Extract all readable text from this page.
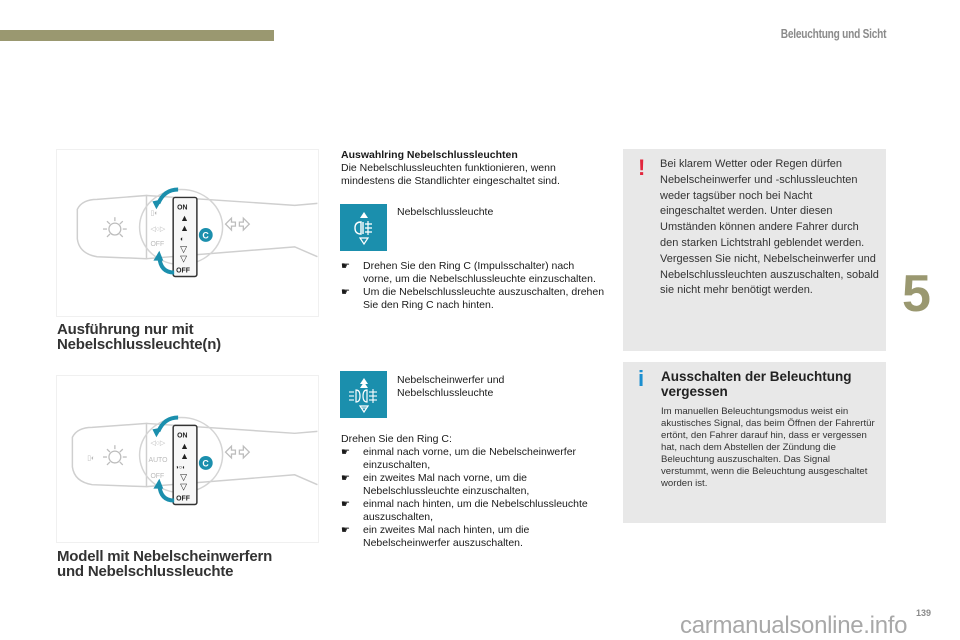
Beleuchtung und Sicht
5
▯◐
◁○▷
OFF
ON
▲
▲
◐
▽
▽
OFF
C
Ausführung nur mit
Nebelschlussleuchte(n)
▯◐
◁○▷
AUTO
OFF
ON
▲
▲
◑○◐
▽
▽
OFF
C
Modell mit Nebelscheinwerfern
und Nebelschlussleuchte
Auswahlring Nebelschlussleuchten
Die Nebelschlussleuchten funktionieren, wenn mindestens die Standlichter eingeschaltet sind.
Nebelschlussleuchte
☛ Drehen Sie den Ring C (Impulsschalter) nach vorne, um die Nebelschlussleuchte einzuschalten.
☛ Um die Nebelschlussleuchte auszuschalten, drehen Sie den Ring C nach hinten.
Nebelscheinwerfer und
Nebelschlussleuchte
Drehen Sie den Ring C:
☛ einmal nach vorne, um die Nebelscheinwerfer einzuschalten,
☛ ein zweites Mal nach vorne, um die Nebelschlussleuchte einzuschalten,
☛ einmal nach hinten, um die Nebelschlussleuchte auszuschalten,
☛ ein zweites Mal nach hinten, um die Nebelscheinwerfer auszuschalten.
! Bei klarem Wetter oder Regen dürfen Nebelscheinwerfer und -schlussleuchten weder tagsüber noch bei Nacht eingeschaltet werden. Unter diesen Umständen können andere Fahrer durch den starken Lichtstrahl geblendet werden. Vergessen Sie nicht, Nebelscheinwerfer und Nebelschlussleuchten auszuschalten, sobald sie nicht mehr benötigt werden.
i Ausschalten der Beleuchtung vergessen
Im manuellen Beleuchtungsmodus weist ein akustisches Signal, das beim Öffnen der Fahrertür ertönt, den Fahrer darauf hin, dass er vergessen hat, nach dem Abstellen der Zündung die Beleuchtung auszuschalten. Das Signal verstummt, wenn die Beleuchtung ausgeschaltet worden ist.
carmanualsonline.info 139
